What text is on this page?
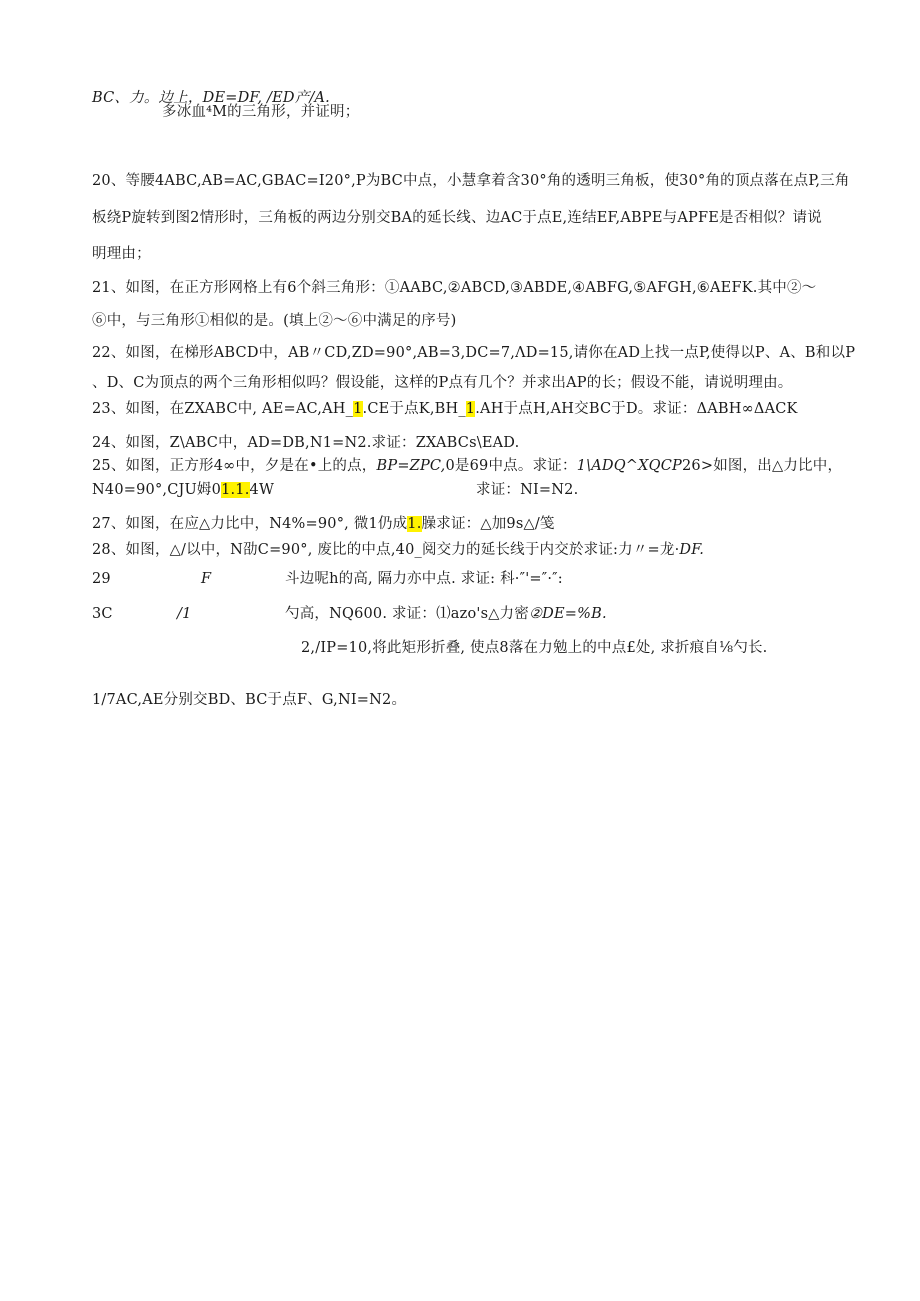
BC、力。边上，DE=DF, /ED产/A.
多冰血⁴M的三角形，并证明；
20、等腰4ABC,AB=AC,GBAC=I20°,P为BC中点，小慧拿着含30°角的透明三角板，使30°角的顶点落在点P,三角
板绕P旋转到图2情形时，三角板的两边分别交BA的延长线、边AC于点E,连结EF,ABPE与APFE是否相似？请说
明理由；
21、如图，在正方形网格上有6个斜三角形：①AABC,②ABCD,③ABDE,④ABFG,⑤AFGH,⑥AEFK.其中②～
⑥中，与三角形①相似的是。(填上②～⑥中满足的序号)
22、如图，在梯形ABCD中，AB〃CD,ZD=90°,AB=3,DC=7,ΛD=15,请你在AD上找一点P,使得以P、A、B和以P
、D、C为顶点的两个三角形相似吗？假设能，这样的P点有几个？并求出AP的长；假设不能，请说明理由。
23、如图，在ZXABC中, AE=AC,AH_1.CE于点K,BH_1.AH于点H,AH交BC于D。求证：ΔABH∞ΔACK
24、如图，Z\ABC中，AD=DB,N1=N2.求证：ZXABCs\EAD.
25、如图，正方形4∞中，夕是在•上的点，BP=ZPC,0是69中点。求证：1\ADQ^XQCP26>如图，出△力比中，
N40=90°,CJU姆01.1.4W	求证：NI=N2.
27、如图，在应△力比中，N4%=90°, 微1仍成1.臊求证：△加9s△/笺
28、如图，△/以中，N劭C=90°, 废比的中点,40_阅交力的延长线于内交於求证:力〃=龙·DF.
29	F	斗边呢h的高, 隔力亦中点. 求证: 科·″'=″·″:
3C	/1	勺高，NQ600. 求证：⑴azo's△力密②DE=%B.
2,/IP=10,将此矩形折叠, 使点8落在力勉上的中点£处, 求折痕自⅛勺长.
1/7AC,AE分别交BD、BC于点F、G,NI=N2。
